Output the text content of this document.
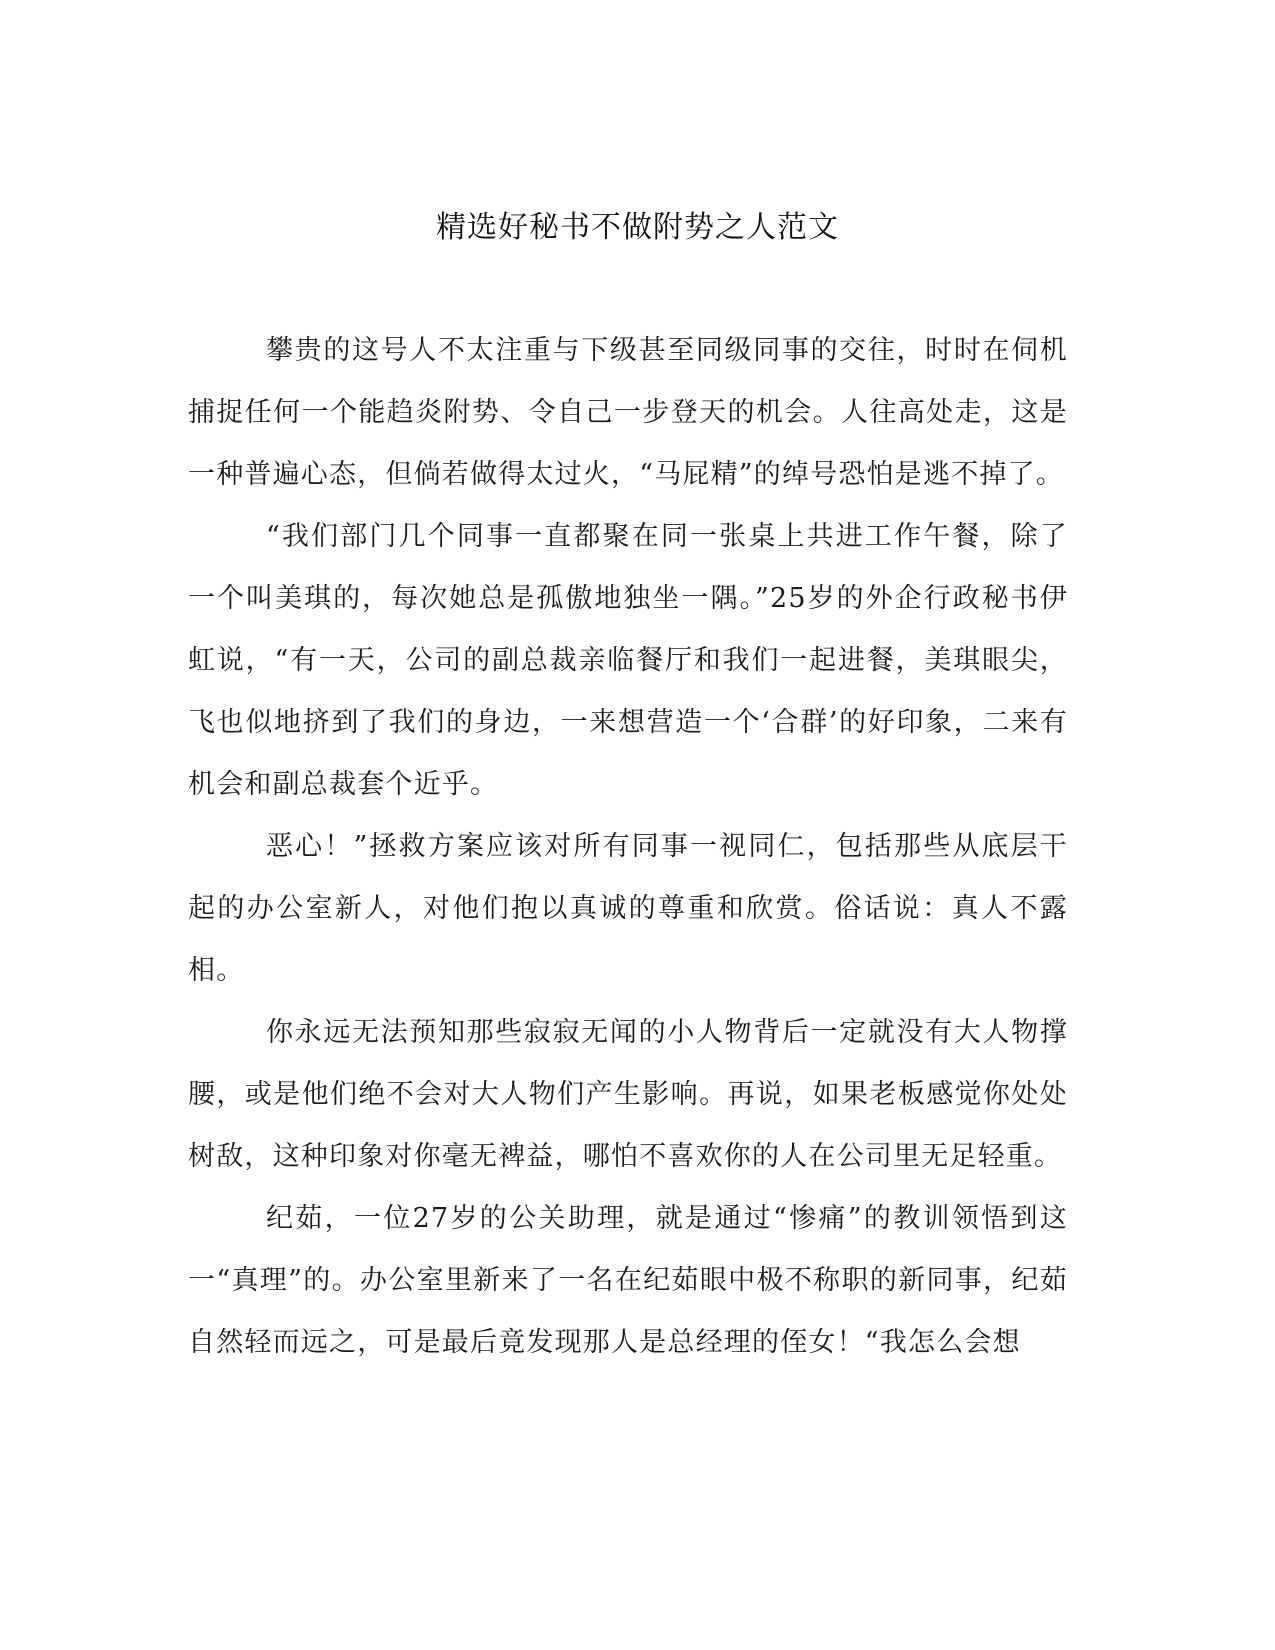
精选好秘书不做附势之人范文

攀贵的这号人不太注重与下级甚至同级同事的交往，时时在伺机捕捉任何一个能趋炎附势、令自己一步登天的机会。人往高处走，这是一种普遍心态，但倘若做得太过火，“马屁精”的绰号恐怕是逃不掉了。

“我们部门几个同事一直都聚在同一张桌上共进工作午餐，除了一个叫美琪的，每次她总是孤傲地独坐一隅。”25岁的外企行政秘书伊虹说，“有一天，公司的副总裁亲临餐厅和我们一起进餐，美琪眼尖，飞也似地挤到了我们的身边，一来想营造一个‘合群’的好印象，二来有机会和副总裁套个近乎。

恶心！”拯救方案应该对所有同事一视同仁，包括那些从底层干起的办公室新人，对他们抱以真诚的尊重和欣赏。俗话说：真人不露相。

你永远无法预知那些寂寂无闻的小人物背后一定就没有大人物撑腰，或是他们绝不会对大人物们产生影响。再说，如果老板感觉你处处树敌，这种印象对你毫无裨益，哪怕不喜欢你的人在公司里无足轻重。

纪茹，一位27岁的公关助理，就是通过“惨痛”的教训领悟到这一“真理”的。办公室里新来了一名在纪茹眼中极不称职的新同事，纪茹自然轻而远之，可是最后竟发现那人是总经理的侄女！“我怎么会想
